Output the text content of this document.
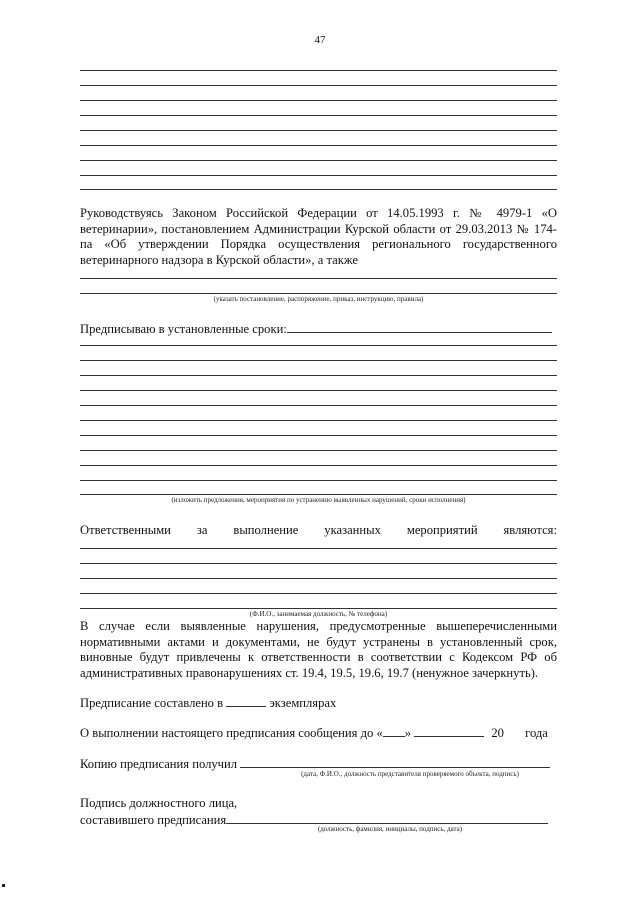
47
Руководствуясь Законом Российской Федерации от 14.05.1993 г. № 4979-1 «О ветеринарии», постановлением Администрации Курской области от 29.03.2013 № 174-па «Об утверждении Порядка осуществления регионального государственного ветеринарного надзора в Курской области», а также
(указать постановление, распоряжение, приказ, инструкцию, правила)
Предписываю в установленные сроки:
(изложить предложения, мероприятия по устранению выявленных нарушений, сроки исполнения)
Ответственными за выполнение указанных мероприятий являются:
(Ф.И.О., занимаемая должность, № телефона)
В случае если выявленные нарушения, предусмотренные вышеперечисленными нормативными актами и документами, не будут устранены в установленный срок, виновные будут привлечены к ответственности в соответствии с Кодексом РФ об административных правонарушениях ст. 19.4, 19.5, 19.6, 19.7 (ненужное зачеркнуть).
Предписание составлено в	экземплярах
О выполнении настоящего предписания сообщения до « »	20 года
Копию предписания получил
(дата, Ф.И.О., должность представителя проверяемого объекта, подпись)
Подпись должностного лица,
составившего предписания
(должность, фамилия, инициалы, подпись, дата)
